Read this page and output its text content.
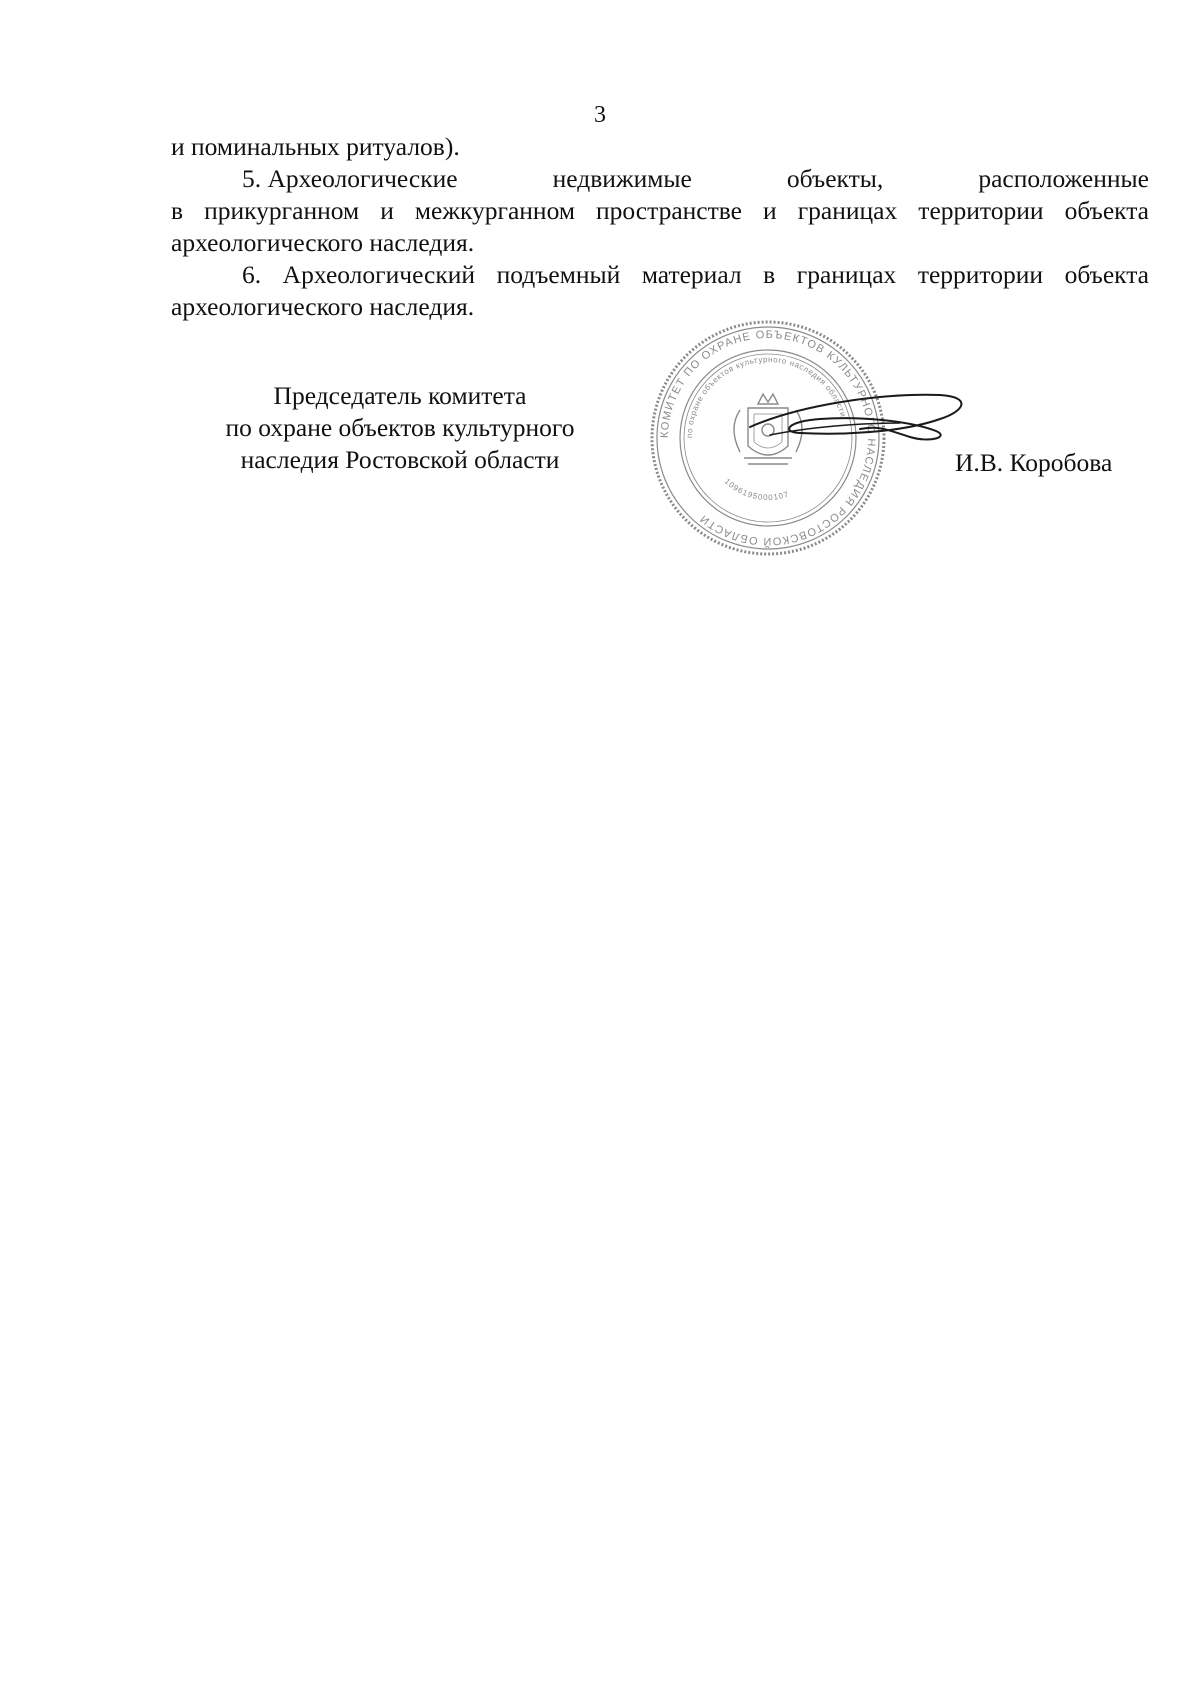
3

и поминальных ритуалов).

5. Археологические	недвижимые	объекты,	расположенные

в прикурганном и межкурганном пространстве и границах территории объекта археологического наследия.

6. Археологический подъемный материал в границах территории объекта археологического наследия.

Председатель комитета
по охране объектов культурного
наследия Ростовской области
КОМИТЕТ ПО ОХРАНЕ ОБЪЕКТОВ КУЛЬТУРНОГО НАСЛЕДИЯ РОСТОВСКОЙ ОБЛАСТИ
по охране объектов культурного наследия области
1096195000107
И.В. Коробова
